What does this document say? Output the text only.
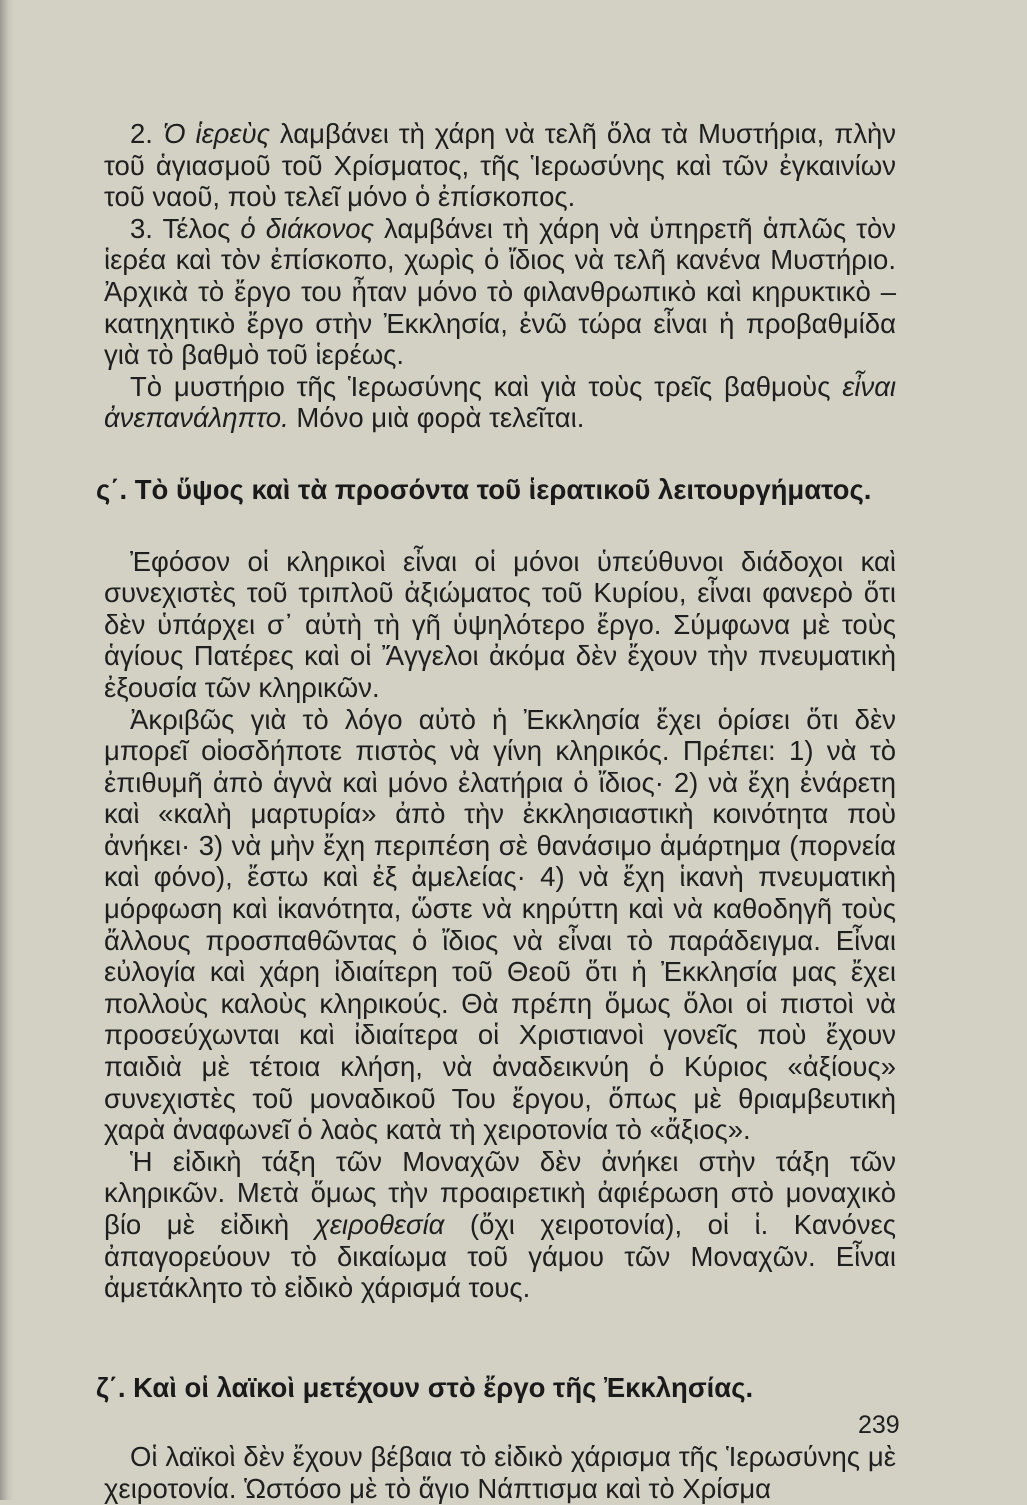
2. Ὁ ἱερεὺς λαμβάνει τὴ χάρη νὰ τελῆ ὅλα τὰ Μυστήρια, πλὴν τοῦ ἁγιασμοῦ τοῦ Χρίσματος, τῆς Ἱερωσύνης καὶ τῶν ἐγκαινίων τοῦ ναοῦ, ποὺ τελεῖ μόνο ὁ ἐπίσκοπος.

3. Τέλος ὁ διάκονος λαμβάνει τὴ χάρη νὰ ὑπηρετῆ ἁπλῶς τὸν ἱερέα καὶ τὸν ἐπίσκοπο, χωρὶς ὁ ἴδιος νὰ τελῆ κανένα Μυστήριο. Ἀρχικὰ τὸ ἔργο του ἦταν μόνο τὸ φιλανθρωπικὸ καὶ κηρυκτικὸ – κατηχητικὸ ἔργο στὴν Ἐκκλησία, ἐνῶ τώρα εἶναι ἡ προβαθμίδα γιὰ τὸ βαθμὸ τοῦ ἱερέως.

Τὸ μυστήριο τῆς Ἱερωσύνης καὶ γιὰ τοὺς τρεῖς βαθμοὺς εἶναι ἀνεπανάληπτο. Μόνο μιὰ φορὰ τελεῖται.

ς΄. Τὸ ὕψος καὶ τὰ προσόντα τοῦ ἱερατικοῦ λειτουργήματος.

Ἐφόσον οἱ κληρικοὶ εἶναι οἱ μόνοι ὑπεύθυνοι διάδοχοι καὶ συνεχιστὲς τοῦ τριπλοῦ ἀξιώματος τοῦ Κυρίου, εἶναι φανερὸ ὅτι δὲν ὑπάρχει σ᾽ αὐτὴ τὴ γῆ ὑψηλότερο ἔργο. Σύμφωνα μὲ τοὺς ἁγίους Πατέρες καὶ οἱ Ἄγγελοι ἀκόμα δὲν ἔχουν τὴν πνευματικὴ ἐξουσία τῶν κληρικῶν.

Ἀκριβῶς γιὰ τὸ λόγο αὐτὸ ἡ Ἐκκλησία ἔχει ὁρίσει ὅτι δὲν μπορεῖ οἱοσδήποτε πιστὸς νὰ γίνη κληρικός. Πρέπει: 1) νὰ τὸ ἐπιθυμῆ ἀπὸ ἁγνὰ καὶ μόνο ἐλατήρια ὁ ἴδιος· 2) νὰ ἔχη ἐνάρετη καὶ «καλὴ μαρτυρία» ἀπὸ τὴν ἐκκλησιαστικὴ κοινότητα ποὺ ἀνήκει· 3) νὰ μὴν ἔχη περιπέση σὲ θανάσιμο ἁμάρτημα (πορνεία καὶ φόνο), ἔστω καὶ ἐξ ἀμελείας· 4) νὰ ἔχη ἱκανὴ πνευματικὴ μόρφωση καὶ ἱκανότητα, ὥστε νὰ κηρύττη καὶ νὰ καθοδηγῆ τοὺς ἄλλους προσπαθῶντας ὁ ἴδιος νὰ εἶναι τὸ παράδειγμα. Εἶναι εὐλογία καὶ χάρη ἰδιαίτερη τοῦ Θεοῦ ὅτι ἡ Ἐκκλησία μας ἔχει πολλοὺς καλοὺς κληρικούς. Θὰ πρέπη ὅμως ὅλοι οἱ πιστοὶ νὰ προσεύχωνται καὶ ἰδιαίτερα οἱ Χριστιανοὶ γονεῖς ποὺ ἔχουν παιδιὰ μὲ τέτοια κλήση, νὰ ἀναδεικνύη ὁ Κύριος «ἀξίους» συνεχιστὲς τοῦ μοναδικοῦ Του ἔργου, ὅπως μὲ θριαμβευτικὴ χαρὰ ἀναφωνεῖ ὁ λαὸς κατὰ τὴ χειροτονία τὸ «ἄξιος».

Ἡ εἰδικὴ τάξη τῶν Μοναχῶν δὲν ἀνήκει στὴν τάξη τῶν κληρικῶν. Μετὰ ὅμως τὴν προαιρετικὴ ἀφιέρωση στὸ μοναχικὸ βίο μὲ εἰδικὴ χειροθεσία (ὄχι χειροτονία), οἱ ἱ. Κανόνες ἀπαγορεύουν τὸ δικαίωμα τοῦ γάμου τῶν Μοναχῶν. Εἶναι ἀμετάκλητο τὸ εἰδικὸ χάρισμά τους.

ζ΄. Καὶ οἱ λαϊκοὶ μετέχουν στὸ ἔργο τῆς Ἐκκλησίας.

Οἱ λαϊκοὶ δὲν ἔχουν βέβαια τὸ εἰδικὸ χάρισμα τῆς Ἱερωσύνης μὲ χειροτονία. Ὡστόσο μὲ τὸ ἅγιο Νάπτισμα καὶ τὸ Χρίσμα

239
